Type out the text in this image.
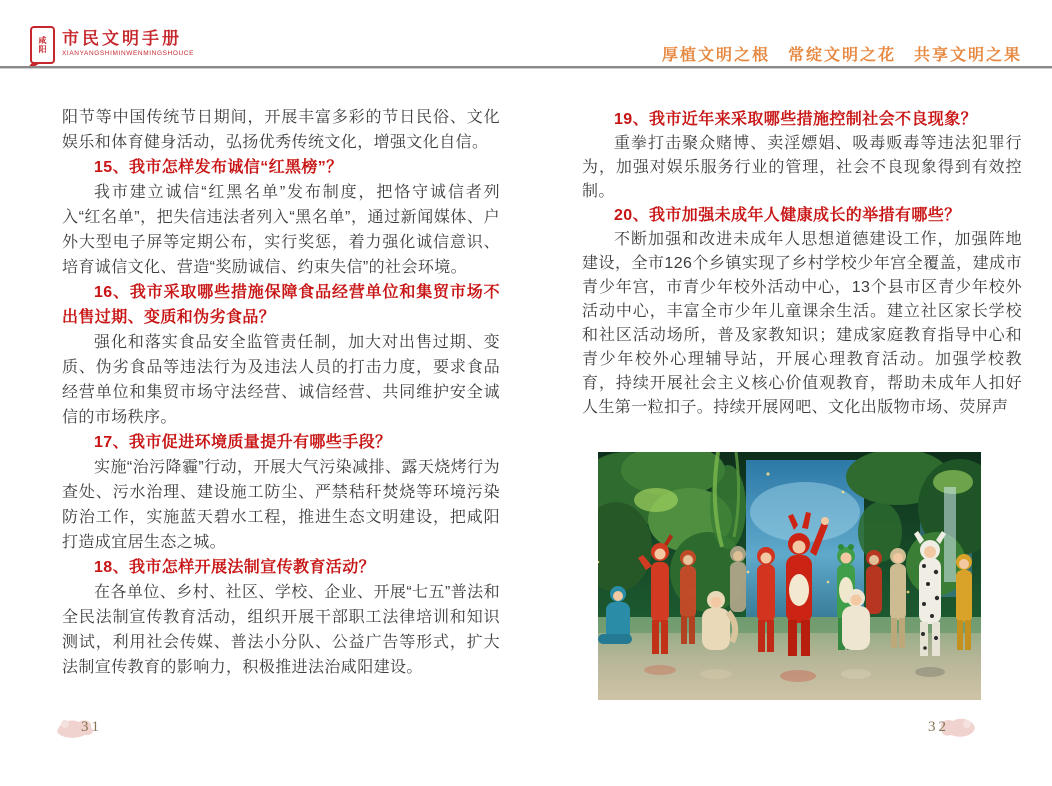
咸
阳
市民文明手册
XIANYANGSHIMINWENMINGSHOUCE	厚植文明之根　常绽文明之花　共享文明之果

阳节等中国传统节日期间，开展丰富多彩的节日民俗、文化娱乐和体育健身活动，弘扬优秀传统文化，增强文化自信。

15、我市怎样发布诚信“红黑榜”？

我市建立诚信“红黑名单”发布制度，把恪守诚信者列入“红名单”，把失信违法者列入“黑名单”，通过新闻媒体、户外大型电子屏等定期公布，实行奖惩，着力强化诚信意识、培育诚信文化、营造“奖励诚信、约束失信”的社会环境。

16、我市采取哪些措施保障食品经营单位和集贸市场不出售过期、变质和伪劣食品？

强化和落实食品安全监管责任制，加大对出售过期、变质、伪劣食品等违法行为及违法人员的打击力度，要求食品经营单位和集贸市场守法经营、诚信经营、共同维护安全诚信的市场秩序。

17、我市促进环境质量提升有哪些手段？

实施“治污降霾”行动，开展大气污染减排、露天烧烤行为查处、污水治理、建设施工防尘、严禁秸秆焚烧等环境污染防治工作，实施蓝天碧水工程，推进生态文明建设，把咸阳打造成宜居生态之城。

18、我市怎样开展法制宣传教育活动？

在各单位、乡村、社区、学校、企业、开展“七五”普法和全民法制宣传教育活动，组织开展干部职工法律培训和知识测试，利用社会传媒、普法小分队、公益广告等形式，扩大法制宣传教育的影响力，积极推进法治咸阳建设。

19、我市近年来采取哪些措施控制社会不良现象？

重拳打击聚众赌博、卖淫嫖娼、吸毒贩毒等违法犯罪行为，加强对娱乐服务行业的管理，社会不良现象得到有效控制。

20、我市加强未成年人健康成长的举措有哪些？

不断加强和改进未成年人思想道德建设工作，加强阵地建设，全市126个乡镇实现了乡村学校少年宫全覆盖，建成市青少年宫，市青少年校外活动中心，13个县市区青少年校外活动中心，丰富全市少年儿童课余生活。建立社区家长学校和社区活动场所，普及家教知识；建成家庭教育指导中心和青少年校外心理辅导站，开展心理教育活动。加强学校教育，持续开展社会主义核心价值观教育，帮助未成年人扣好人生第一粒扣子。持续开展网吧、文化出版物市场、荧屏声

31	32
